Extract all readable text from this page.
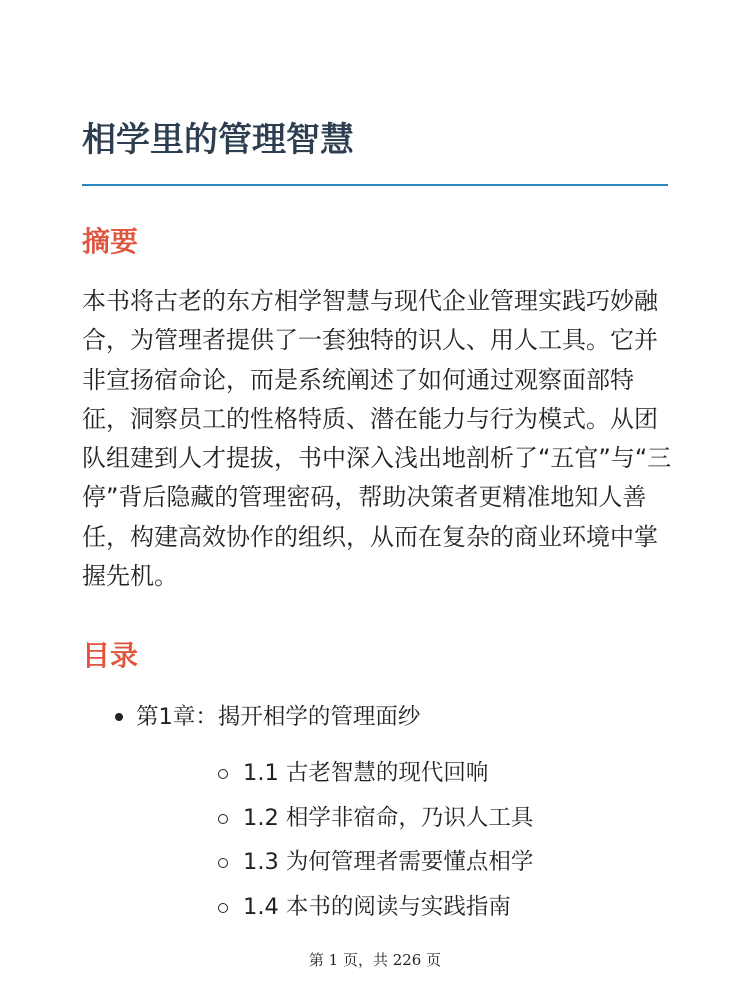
相学里的管理智慧
摘要

本书将古老的东方相学智慧与现代企业管理实践巧妙融合，为管理者提供了一套独特的识人、用人工具。它并非宣扬宿命论，而是系统阐述了如何通过观察面部特征，洞察员工的性格特质、潜在能力与行为模式。从团队组建到人才提拔，书中深入浅出地剖析了“五官”与“三停”背后隐藏的管理密码，帮助决策者更精准地知人善任，构建高效协作的组织，从而在复杂的商业环境中掌握先机。

目录
第1章：揭开相学的管理面纱
1.1 古老智慧的现代回响
1.2 相学非宿命，乃识人工具
1.3 为何管理者需要懂点相学
1.4 本书的阅读与实践指南
第 1 页，共 226 页
